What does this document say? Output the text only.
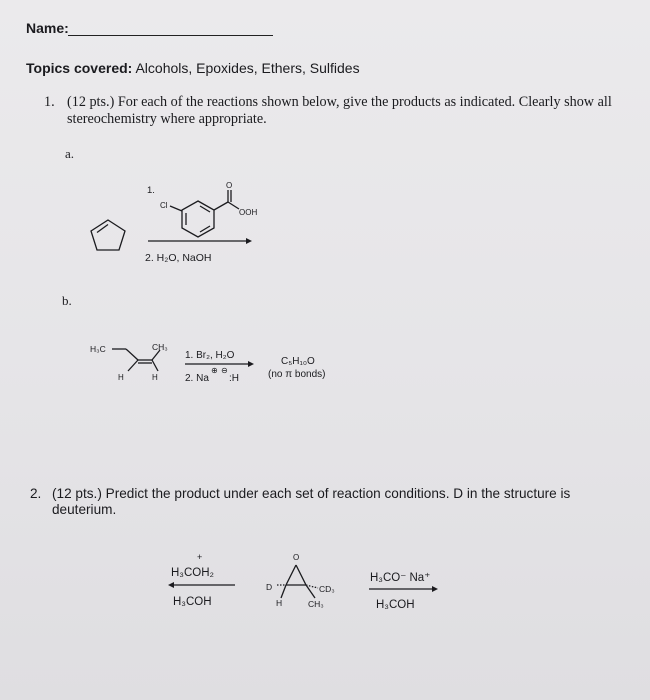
Name:
Topics covered: Alcohols, Epoxides, Ethers, Sulfides
1. (12 pts.) For each of the reactions shown below, give the products as indicated. Clearly show all stereochemistry where appropriate.
a.
1.
Cl
O
OOH
2. H₂O, NaOH
b.
H₃C	CH₃
H	H
1. Br₂, H₂O
2. Na
⊕ ⊖
:H
C₅H₁₀O
(no π bonds)
2. (12 pts.) Predict the product under each set of reaction conditions. D in the structure is deuterium.
+
H₃COH₂
H₃COH
O
D
H
CD₃
CH₃
H₃CO⁻ Na⁺
H₃COH
